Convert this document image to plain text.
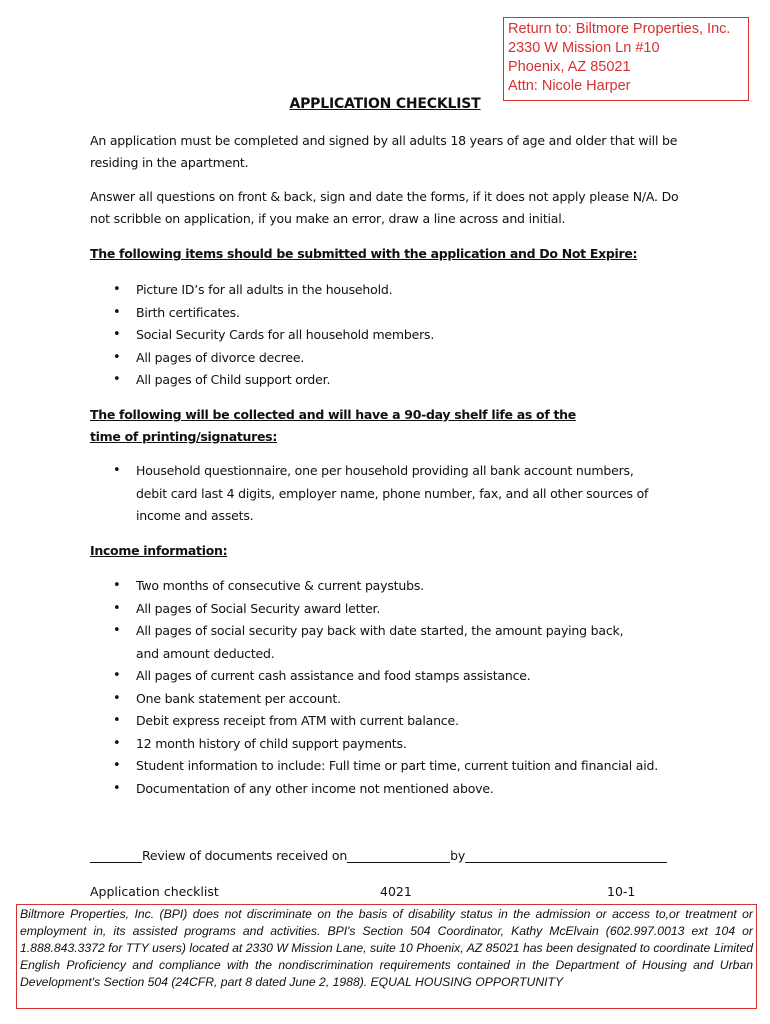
Return to: Biltmore Properties, Inc.
2330 W Mission Ln #10
Phoenix, AZ 85021
Attn: Nicole Harper
APPLICATION CHECKLIST
An application must be completed and signed by all adults 18 years of age and older that will be residing in the apartment.
Answer all questions on front & back, sign and date the forms, if it does not apply please N/A. Do not scribble on application, if you make an error, draw a line across and initial.
The following items should be submitted with the application and Do Not Expire:
• Picture ID’s for all adults in the household.
• Birth certificates.
• Social Security Cards for all household members.
• All pages of divorce decree.
• All pages of Child support order.
The following will be collected and will have a 90-day shelf life as of the time of printing/signatures:
• Household questionnaire, one per household providing all bank account numbers, debit card last 4 digits, employer name, phone number, fax, and all other sources of income and assets.
Income information:
• Two months of consecutive & current paystubs.
• All pages of Social Security award letter.
• All pages of social security pay back with date started, the amount paying back, and amount deducted.
• All pages of current cash assistance and food stamps assistance.
• One bank statement per account.
• Debit express receipt from ATM with current balance.
• 12 month history of child support payments.
• Student information to include: Full time or part time, current tuition and financial aid.
• Documentation of any other income not mentioned above.
Review of documents received on	by
Application checklist	4021	10-1
Biltmore Properties, Inc. (BPI) does not discriminate on the basis of disability status in the admission or access to,or treatment or employment in, its assisted programs and activities. BPI's Section 504 Coordinator, Kathy McElvain (602.997.0013 ext 104 or 1.888.843.3372 for TTY users) located at 2330 W Mission Lane, suite 10 Phoenix, AZ 85021 has been designated to coordinate Limited English Proficiency and compliance with the nondiscrimination requirements contained in the Department of Housing and Urban Development's Section 504 (24CFR, part 8 dated June 2, 1988). EQUAL HOUSING OPPORTUNITY
